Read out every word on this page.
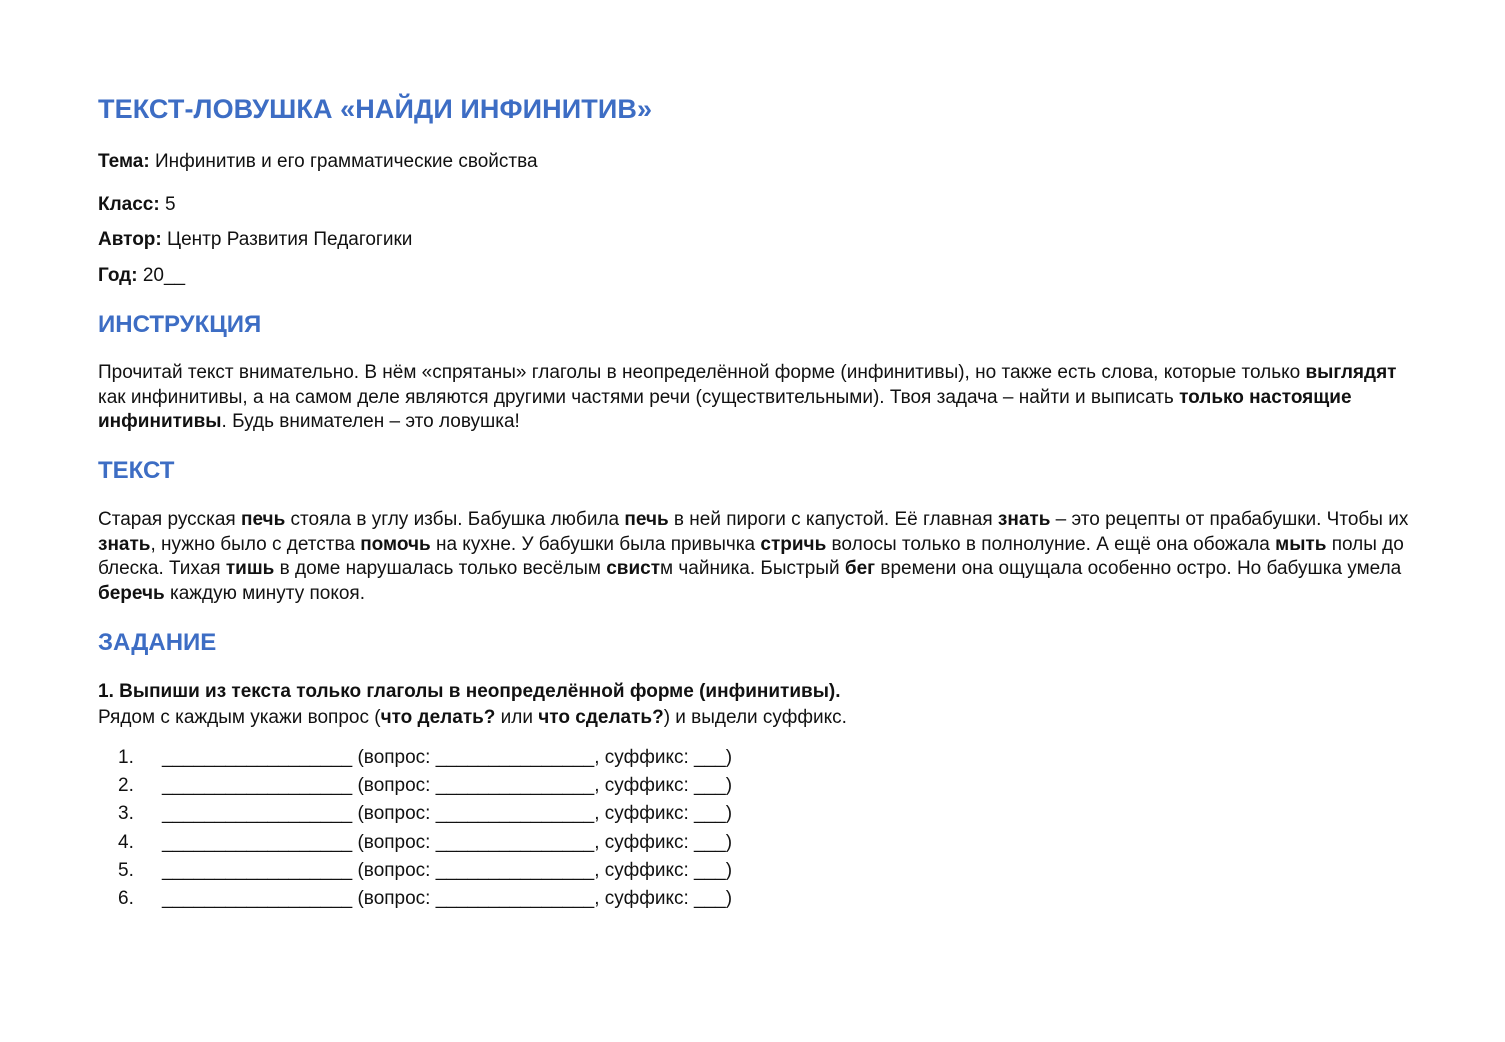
ТЕКСТ-ЛОВУШКА «НАЙДИ ИНФИНИТИВ»
Тема: Инфинитив и его грамматические свойства
Класс: 5
Автор: Центр Развития Педагогики
Год: 20__
ИНСТРУКЦИЯ

Прочитай текст внимательно. В нём «спрятаны» глаголы в неопределённой форме (инфинитивы), но также есть слова, которые только выглядят как инфинитивы, а на самом деле являются другими частями речи (существительными). Твоя задача – найти и выписать только настоящие инфинитивы. Будь внимателен – это ловушка!

ТЕКСТ

Старая русская печь стояла в углу избы. Бабушка любила печь в ней пироги с капустой. Её главная знать – это рецепты от прабабушки. Чтобы их знать, нужно было с детства помочь на кухне. У бабушки была привычка стричь волосы только в полнолуние. А ещё она обожала мыть полы до блеска. Тихая тишь в доме нарушалась только весёлым свистм чайника. Быстрый бег времени она ощущала особенно остро. Но бабушка умела беречь каждую минуту покоя.

ЗАДАНИЕ
1. Выпиши из текста только глаголы в неопределённой форме (инфинитивы).
Рядом с каждым укажи вопрос (что делать? или что сделать?) и выдели суффикс.
1.	__________________ (вопрос: _______________, суффикс: ___)
2.	__________________ (вопрос: _______________, суффикс: ___)
3.	__________________ (вопрос: _______________, суффикс: ___)
4.	__________________ (вопрос: _______________, суффикс: ___)
5.	__________________ (вопрос: _______________, суффикс: ___)
6.	__________________ (вопрос: _______________, суффикс: ___)
